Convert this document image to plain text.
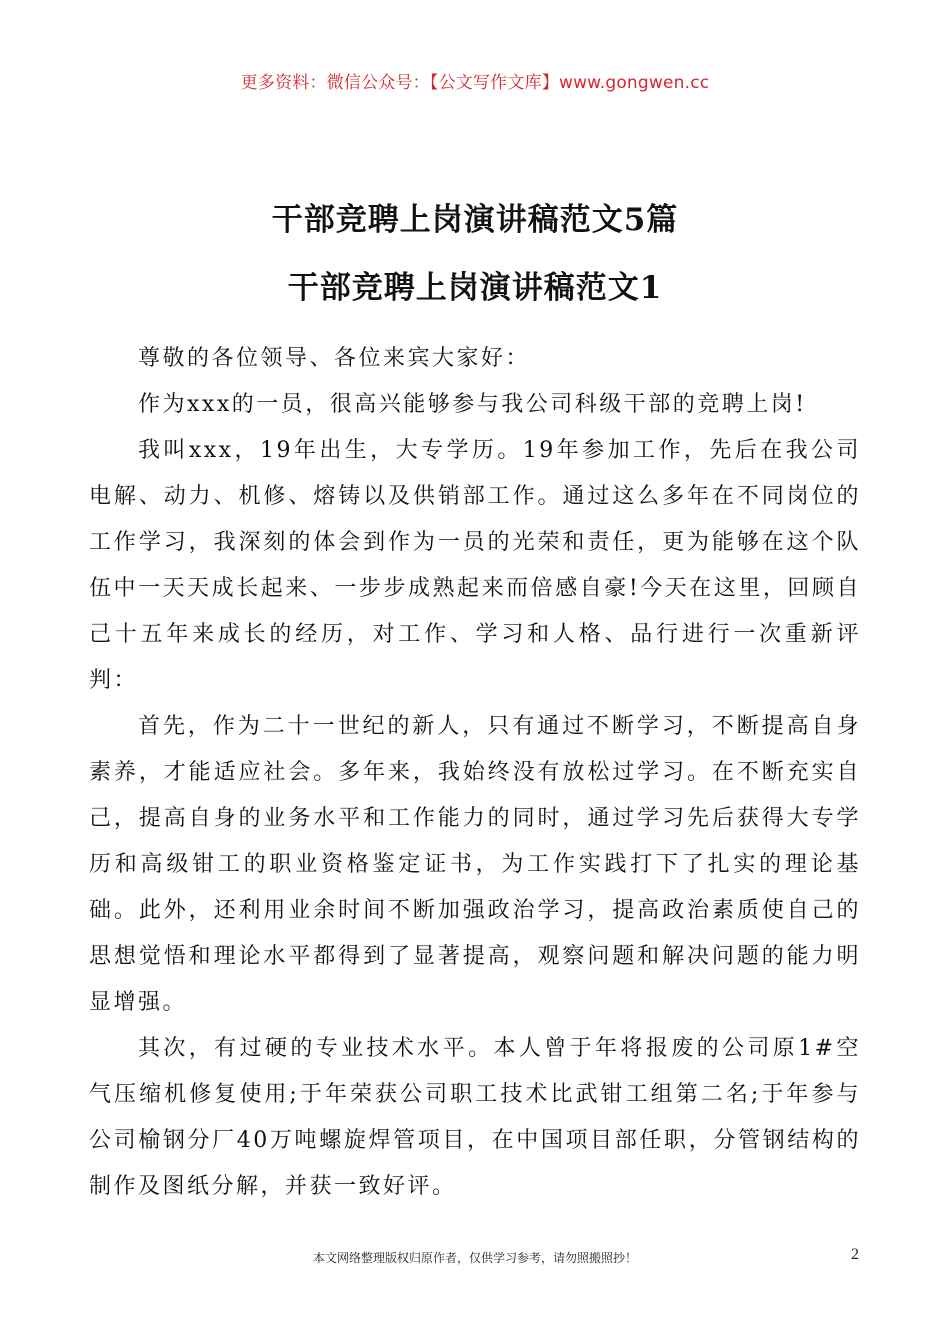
更多资料：微信公众号：【公文写作文库】www.gongwen.cc
干部竞聘上岗演讲稿范文5篇
干部竞聘上岗演讲稿范文1

尊敬的各位领导、各位来宾大家好：

作为xxx的一员，很高兴能够参与我公司科级干部的竞聘上岗!

我叫xxx，19年出生，大专学历。19年参加工作，先后在我公司电解、动力、机修、熔铸以及供销部工作。通过这么多年在不同岗位的工作学习，我深刻的体会到作为一员的光荣和责任，更为能够在这个队伍中一天天成长起来、一步步成熟起来而倍感自豪!今天在这里，回顾自己十五年来成长的经历，对工作、学习和人格、品行进行一次重新评判：

首先，作为二十一世纪的新人，只有通过不断学习，不断提高自身素养，才能适应社会。多年来，我始终没有放松过学习。在不断充实自己，提高自身的业务水平和工作能力的同时，通过学习先后获得大专学历和高级钳工的职业资格鉴定证书，为工作实践打下了扎实的理论基础。此外，还利用业余时间不断加强政治学习，提高政治素质使自己的思想觉悟和理论水平都得到了显著提高，观察问题和解决问题的能力明显增强。

其次，有过硬的专业技术水平。本人曾于年将报废的公司原1#空气压缩机修复使用;于年荣获公司职工技术比武钳工组第二名;于年参与公司榆钢分厂40万吨螺旋焊管项目，在中国项目部任职，分管钢结构的制作及图纸分解，并获一致好评。

本文网络整理版权归原作者，仅供学习参考，请勿照搬照抄！	2
